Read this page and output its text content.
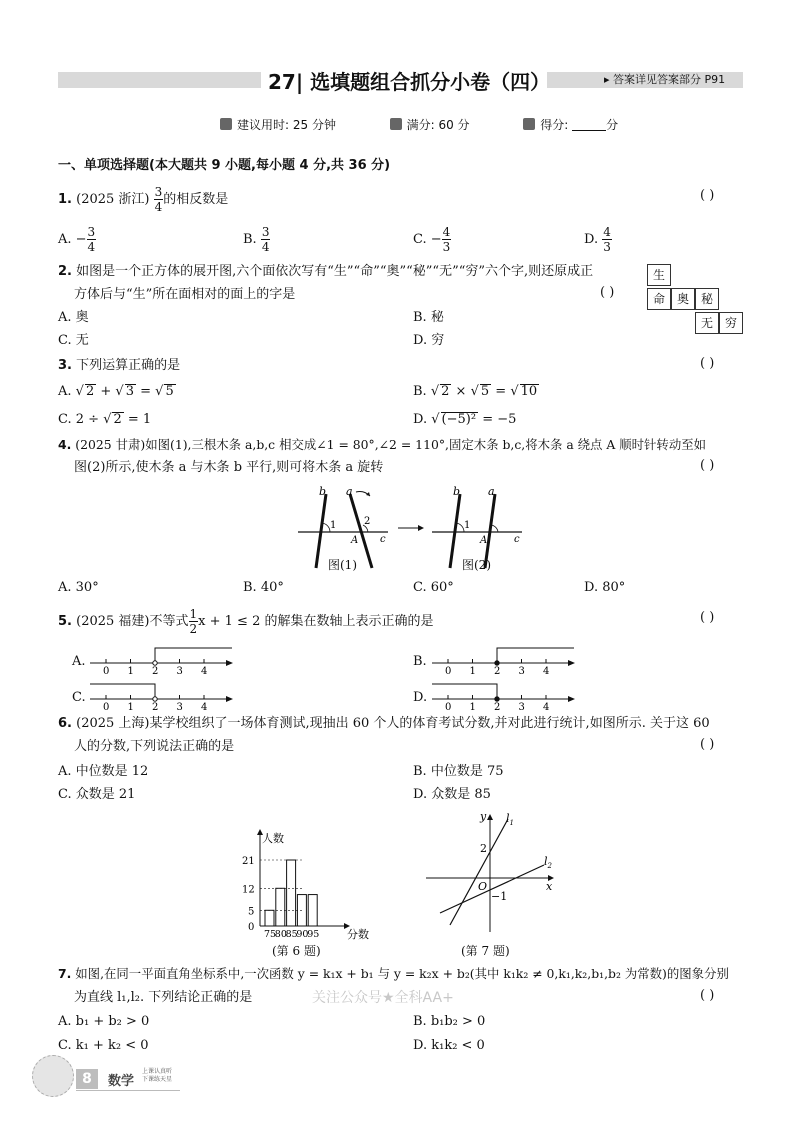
27| 选填题组合抓分小卷（四）	▸ 答案详见答案部分 P91
建议用时: 25 分钟	满分: 60 分	得分:	分
一、单项选择题(本大题共 9 小题,每小题 4 分,共 36 分)
1. (2025 浙江) $\frac{3}{4}$ 的相反数是	( )
A. − $\frac{3}{4}$	B. $\frac{3}{4}$	C. − $\frac{4}{3}$	D. $\frac{4}{3}$
2. 如图是一个正方体的展开图,六个面依次写有“生”“命”“奥”“秘”“无”“穷”六个字,则还原成正
方体后与“生”所在面相对的面上的字是	( )
A. 奥	B. 秘
C. 无	D. 穷
生
命 奥 秘
无 穷
3. 下列运算正确的是	( )
A. √ 2 + √ 3 = √ 5	B. √ 2 × √ 5 = √ 10
C. 2 ÷ √ 2 = 1	D. √ (−5)² = −5
4. (2025 甘肃)如图(1),三根木条 a,b,c 相交成∠1 = 80°,∠2 = 110°,固定木条 b,c,将木条 a 绕点 A 顺时针转动至如
图(2)所示,使木条 a 与木条 b 平行,则可将木条 a 旋转	( )
b a
1	2
A c
b	a
1
A	c
图(1)	图(2)
A. 30°	B. 40°	C. 60°	D. 80°
5. (2025 福建)不等式 $\frac{1}{2}$ x + 1 ≤ 2 的解集在数轴上表示正确的是	( )
A.	B.
C.	D.
0 1 2 3 4	0 1 2 3 4
0 1 2 3 4	0 1 2 3 4
6. (2025 上海)某学校组织了一场体育测试,现抽出 60 个人的体育考试分数,并对此进行统计,如图所示. 关于这 60
人的分数,下列说法正确的是	( )
A. 中位数是 12	B. 中位数是 75
C. 众数是 21	D. 众数是 85
人数
分数
75
80
85
90
95
0
5
12
21
(第 6 题)
y
x
O
2
−1
$l_1$
$l_2$
(第 7 题)
7. 如图,在同一平面直角坐标系中,一次函数 y = k₁x + b₁ 与 y = k₂x + b₂(其中 k₁k₂ ≠ 0,k₁,k₂,b₁,b₂ 为常数)的图象分别
为直线 l₁,l₂. 下列结论正确的是	( )
关注公众号★全科AA+
A. b₁ + b₂ > 0	B. b₁b₂ > 0
C. k₁ + k₂ < 0	D. k₁k₂ < 0
8	数学
上课认真听
下课练天星
